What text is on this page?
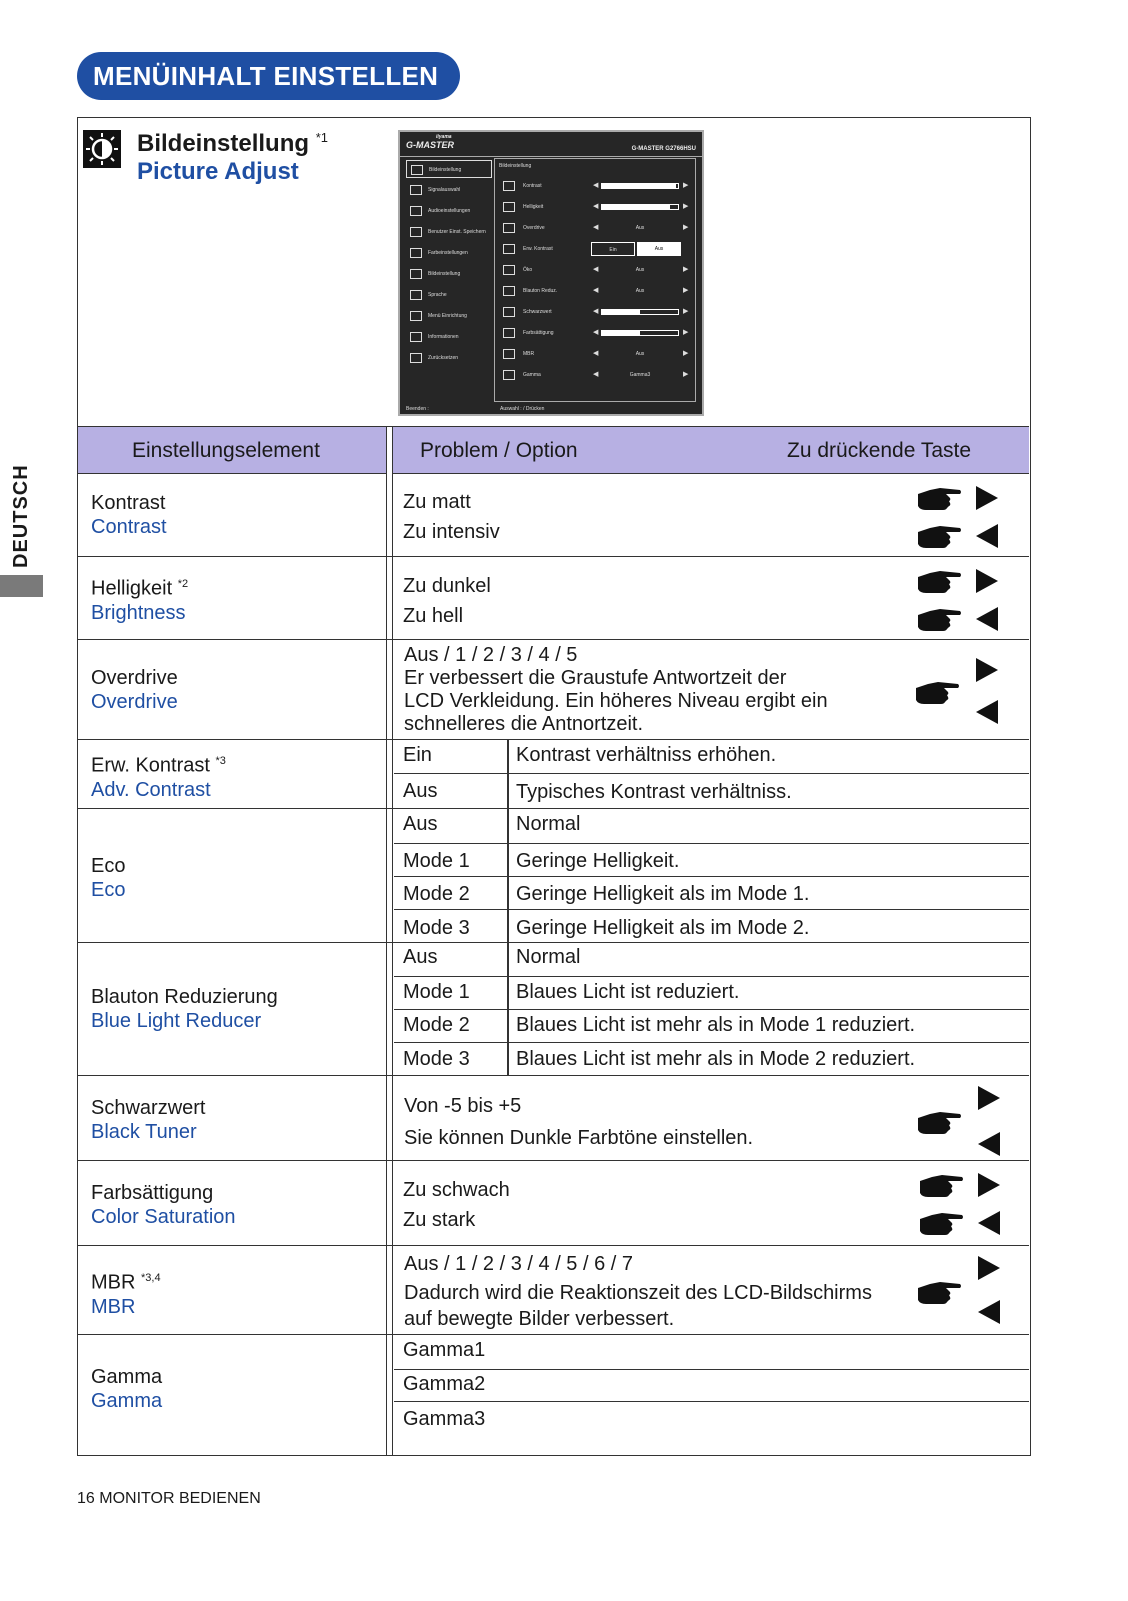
MENÜINHALT EINSTELLEN
DEUTSCH
Bildeinstellung $^{*1}$
Picture Adjust
iiyama
G-MASTER	G-MASTER G2766HSU
Bildeinstellung
Signalauswahl
Audioeinstellungen
Benutzer Einst. Speichern
Farbeinstellungen
Bildeinstellung
Sprache
Menü Einrichtung
Informationen
Zurücksetzen
Bildeinstellung
Kontrast	◀	▶
Helligkeit	◀	▶
Overdrive	◀	Aus	▶
Erw. Kontrast	Ein	Aus
Öko	◀	Aus	▶
Blauton Reduz.	◀	Aus	▶
Schwarzwert	◀	▶
Farbsättigung	◀	▶
MBR	◀	Aus	▶
Gamma	◀	Gamma3	▶
Beenden :	Auswahl : / Drücken
Einstellungselement	Problem / Option	Zu drückende Taste
Kontrast
Contrast
Zu matt
Zu intensiv
Helligkeit $^{*2}$
Brightness
Zu dunkel
Zu hell
Overdrive
Overdrive
Aus / 1 / 2 / 3 / 4 / 5
Er verbessert die Graustufe Antwortzeit der
LCD Verkleidung. Ein höheres Niveau ergibt ein
schnelleres die Antnortzeit.
Erw. Kontrast $^{*3}$
Adv. Contrast
Ein	Kontrast verhältniss erhöhen.
Aus	Typisches Kontrast verhältniss.
Eco
Eco
Aus	Normal
Mode 1 Geringe Helligkeit.
Mode 2 Geringe Helligkeit als im Mode 1.
Mode 3 Geringe Helligkeit als im Mode 2.
Blauton Reduzierung
Blue Light Reducer
Aus	Normal
Mode 1 Blaues Licht ist reduziert.
Mode 2 Blaues Licht ist mehr als in Mode 1 reduziert.
Mode 3 Blaues Licht ist mehr als in Mode 2 reduziert.
Schwarzwert
Black Tuner
Von -5 bis +5
Sie können Dunkle Farbtöne einstellen.
Farbsättigung
Color Saturation
Zu schwach
Zu stark
MBR $^{*3,4}$
MBR
Aus / 1 / 2 / 3 / 4 / 5 / 6 / 7
Dadurch wird die Reaktionszeit des LCD-Bildschirms
auf bewegte Bilder verbessert.
Gamma
Gamma
Gamma1
Gamma2
Gamma3
16 MONITOR BEDIENEN
